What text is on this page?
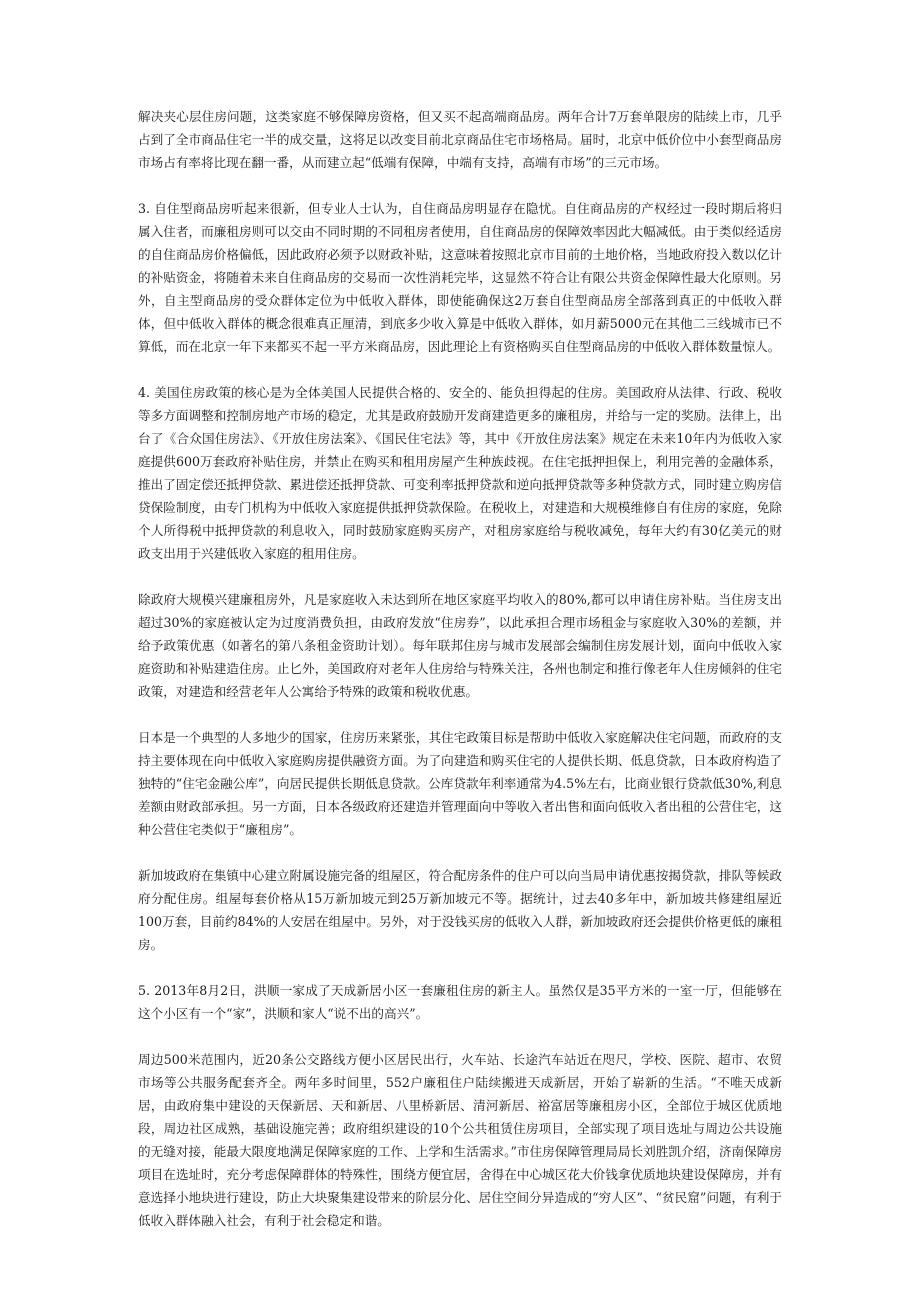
解决夹心层住房问题，这类家庭不够保障房资格，但又买不起高端商品房。两年合计7万套单限房的陆续上市，几乎占到了全市商品住宅一半的成交量，这将足以改变目前北京商品住宅市场格局。届时，北京中低价位中小套型商品房市场占有率将比现在翻一番，从而建立起“低端有保障，中端有支持，高端有市场”的三元市场。

3. 自住型商品房听起来很新，但专业人士认为，自住商品房明显存在隐忧。自住商品房的产权经过一段时期后将归属入住者，而廉租房则可以交由不同时期的不同租房者使用，自住商品房的保障效率因此大幅减低。由于类似经适房的自住商品房价格偏低，因此政府必须予以财政补贴，这意味着按照北京市目前的土地价格，当地政府投入数以亿计的补贴资金，将随着未来自住商品房的交易而一次性消耗完毕，这显然不符合让有限公共资金保障性最大化原则。另外，自主型商品房的受众群体定位为中低收入群体，即使能确保这2万套自住型商品房全部落到真正的中低收入群体，但中低收入群体的概念很难真正厘清，到底多少收入算是中低收入群体，如月薪5000元在其他二三线城市已不算低，而在北京一年下来都买不起一平方米商品房，因此理论上有资格购买自住型商品房的中低收入群体数量惊人。

4. 美国住房政策的核心是为全体美国人民提供合格的、安全的、能负担得起的住房。美国政府从法律、行政、税收等多方面调整和控制房地产市场的稳定，尤其是政府鼓励开发商建造更多的廉租房，并给与一定的奖励。法律上，出台了《合众国住房法》、《开放住房法案》、《国民住宅法》等，其中《开放住房法案》规定在未来10年内为低收入家庭提供600万套政府补贴住房，并禁止在购买和租用房屋产生种族歧视。在住宅抵押担保上，利用完善的金融体系，推出了固定偿还抵押贷款、累进偿还抵押贷款、可变利率抵押贷款和逆向抵押贷款等多种贷款方式，同时建立购房信贷保险制度，由专门机构为中低收入家庭提供抵押贷款保险。在税收上，对建造和大规模维修自有住房的家庭，免除个人所得税中抵押贷款的利息收入，同时鼓励家庭购买房产，对租房家庭给与税收减免，每年大约有30亿美元的财政支出用于兴建低收入家庭的租用住房。

除政府大规模兴建廉租房外，凡是家庭收入未达到所在地区家庭平均收入的80%,都可以申请住房补贴。当住房支出超过30%的家庭被认定为过度消费负担，由政府发放“住房券”，以此承担合理市场租金与家庭收入30%的差额，并给予政策优惠（如著名的第八条租金资助计划）。每年联邦住房与城市发展部会编制住房发展计划，面向中低收入家庭资助和补贴建造住房。止匕外，美国政府对老年人住房给与特殊关注，各州也制定和推行像老年人住房倾斜的住宅政策，对建造和经营老年人公寓给予特殊的政策和税收优惠。

日本是一个典型的人多地少的国家，住房历来紧张，其住宅政策目标是帮助中低收入家庭解决住宅问题，而政府的支持主要体现在向中低收入家庭购房提供融资方面。为了向建造和购买住宅的人提供长期、低息贷款，日本政府构造了独特的“住宅金融公库”，向居民提供长期低息贷款。公库贷款年利率通常为4.5%左右，比商业银行贷款低30%,利息差额由财政部承担。另一方面，日本各级政府还建造并管理面向中等收入者出售和面向低收入者出租的公营住宅，这种公营住宅类似于“廉租房”。

新加坡政府在集镇中心建立附属设施完备的组屋区，符合配房条件的住户可以向当局申请优惠按揭贷款，排队等候政府分配住房。组屋每套价格从15万新加坡元到25万新加坡元不等。据统计，过去40多年中，新加坡共修建组屋近100万套，目前约84%的人安居在组屋中。另外，对于没钱买房的低收入人群，新加坡政府还会提供价格更低的廉租房。

5. 2013年8月2日，洪顺一家成了天成新居小区一套廉租住房的新主人。虽然仅是35平方米的一室一厅，但能够在这个小区有一个“家”，洪顺和家人“说不出的高兴”。

周边500米范围内，近20条公交路线方便小区居民出行，火车站、长途汽车站近在咫尺，学校、医院、超市、农贸市场等公共服务配套齐全。两年多时间里，552户廉租住户陆续搬进天成新居，开始了崭新的生活。“不唯天成新居，由政府集中建设的天保新居、天和新居、八里桥新居、清河新居、裕富居等廉租房小区，全部位于城区优质地段，周边社区成熟，基础设施完善；政府组织建设的10个公共租赁住房项目，全部实现了项目选址与周边公共设施的无缝对接，能最大限度地满足保障家庭的工作、上学和生活需求。”市住房保障管理局局长刘胜凯介绍，济南保障房项目在选址时，充分考虑保障群体的特殊性，围绕方便宜居，舍得在中心城区花大价钱拿优质地块建设保障房，并有意选择小地块进行建设，防止大块聚集建设带来的阶层分化、居住空间分异造成的“穷人区”、“贫民窟”问题，有利于低收入群体融入社会，有利于社会稳定和谐。
